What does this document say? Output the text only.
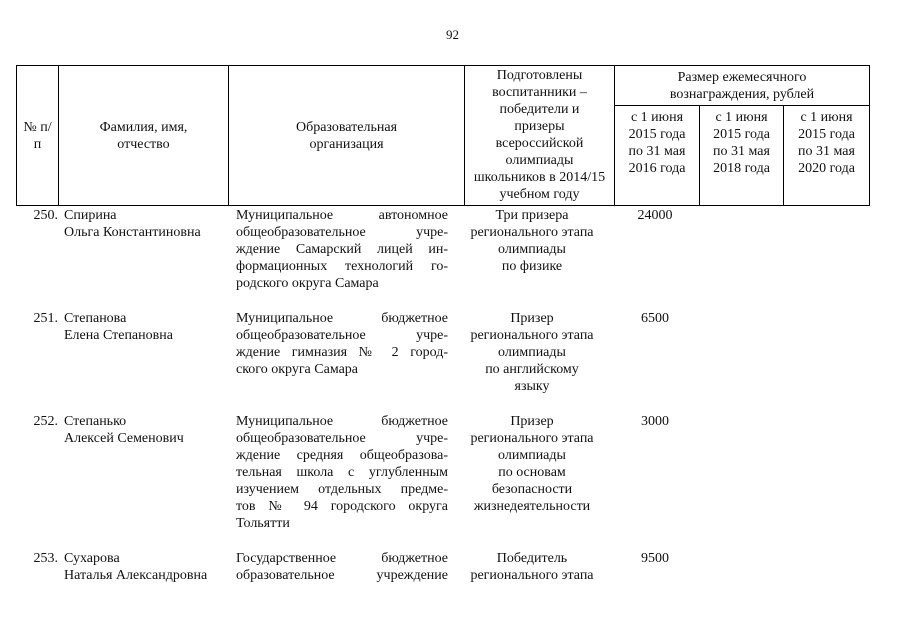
92
№ п/п
Фамилия, имя, отчество
Образовательная организация
Подготовлены воспитанники – победители и призеры всероссийской олимпиады школьников в 2014/15 учебном году
Размер ежемесячного вознаграждения, рублей
с 1 июня 2015 года по 31 мая 2016 года
с 1 июня 2015 года по 31 мая 2018 года
с 1 июня 2015 года по 31 мая 2020 года
250. Спирина
Ольга Константиновна
Муниципальное автономное
общеобразовательное учре-
ждение Самарский лицей ин-
формационных технологий го-
родского округа Самара
Три призера
регионального этапа
олимпиады
по физике
24000
251. Степанова
Елена Степановна
Муниципальное бюджетное
общеобразовательное учре-
ждение гимназия № 2 город-
ского округа Самара
Призер
регионального этапа
олимпиады
по английскому
языку
6500
252. Степанько
Алексей Семенович
Муниципальное бюджетное
общеобразовательное учре-
ждение средняя общеобразова-
тельная школа с углубленным
изучением отдельных предме-
тов № 94 городского округа
Тольятти
Призер
регионального этапа
олимпиады
по основам
безопасности
жизнедеятельности
3000
253. Сухарова
Наталья Александровна
Государственное бюджетное
образовательное учреждение
Победитель
регионального этапа
9500
